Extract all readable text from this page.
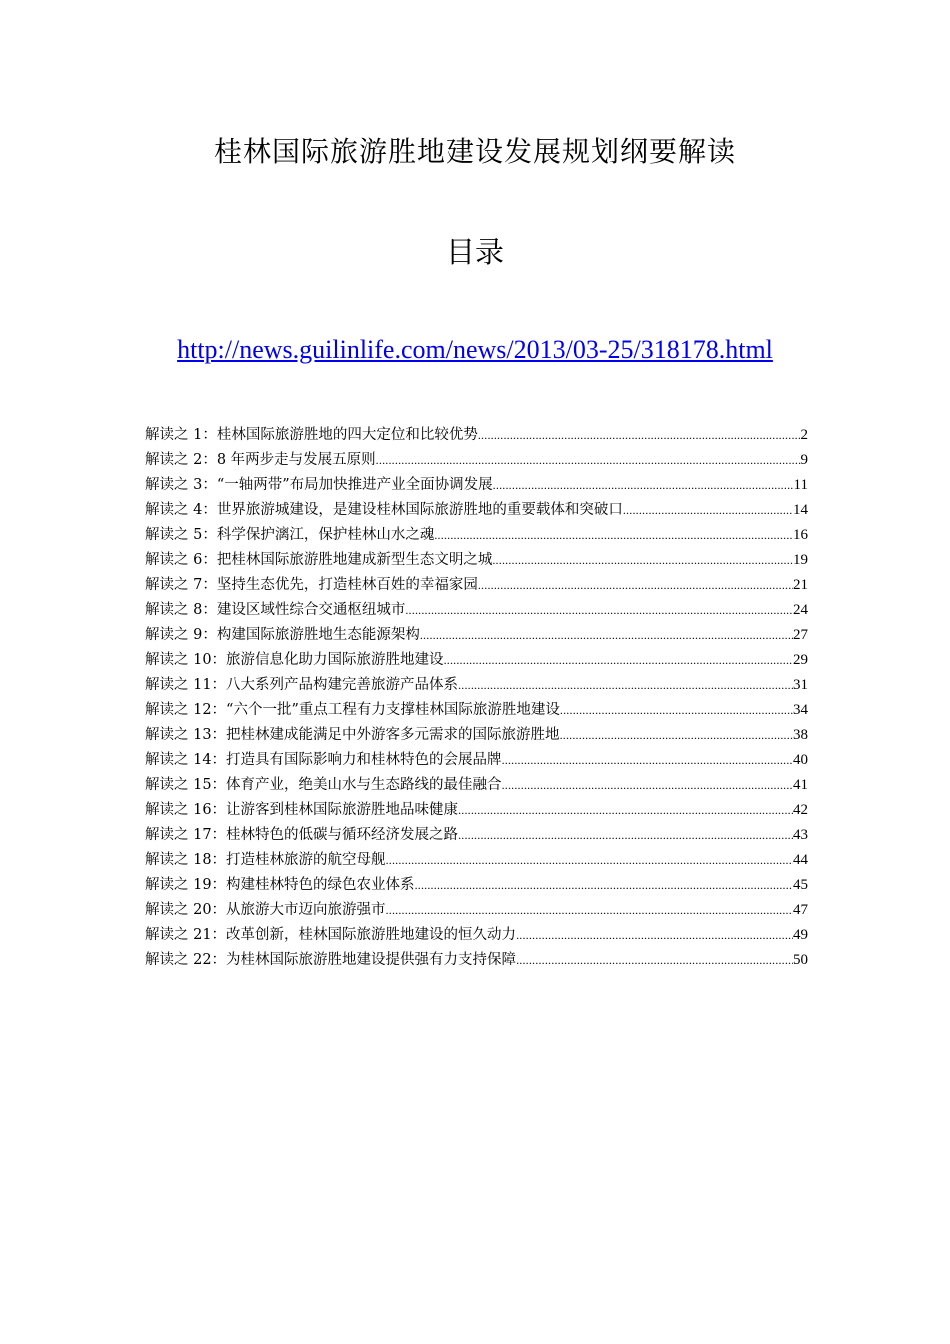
桂林国际旅游胜地建设发展规划纲要解读
目录
http://news.guilinlife.com/news/2013/03-25/318178.html
解读之 1：桂林国际旅游胜地的四大定位和比较优势 .....	2
解读之 2：8 年两步走与发展五原则 .....	9
解读之 3：“一轴两带”布局加快推进产业全面协调发展 .....	11
解读之 4：世界旅游城建设，是建设桂林国际旅游胜地的重要载体和突破口 .....	14
解读之 5：科学保护漓江，保护桂林山水之魂 .....	16
解读之 6：把桂林国际旅游胜地建成新型生态文明之城 .....	19
解读之 7：坚持生态优先，打造桂林百姓的幸福家园 .....	21
解读之 8：建设区域性综合交通枢纽城市 .....	24
解读之 9：构建国际旅游胜地生态能源架构 .....	27
解读之 10：旅游信息化助力国际旅游胜地建设 .....	29
解读之 11：八大系列产品构建完善旅游产品体系 .....	31
解读之 12：“六个一批”重点工程有力支撑桂林国际旅游胜地建设 .....	34
解读之 13：把桂林建成能满足中外游客多元需求的国际旅游胜地 .....	38
解读之 14：打造具有国际影响力和桂林特色的会展品牌 .....	40
解读之 15：体育产业，绝美山水与生态路线的最佳融合 .....	41
解读之 16：让游客到桂林国际旅游胜地品味健康 .....	42
解读之 17：桂林特色的低碳与循环经济发展之路 .....	43
解读之 18：打造桂林旅游的航空母舰 .....	44
解读之 19：构建桂林特色的绿色农业体系 .....	45
解读之 20：从旅游大市迈向旅游强市 .....	47
解读之 21：改革创新，桂林国际旅游胜地建设的恒久动力 .....	49
解读之 22：为桂林国际旅游胜地建设提供强有力支持保障 .....	50
